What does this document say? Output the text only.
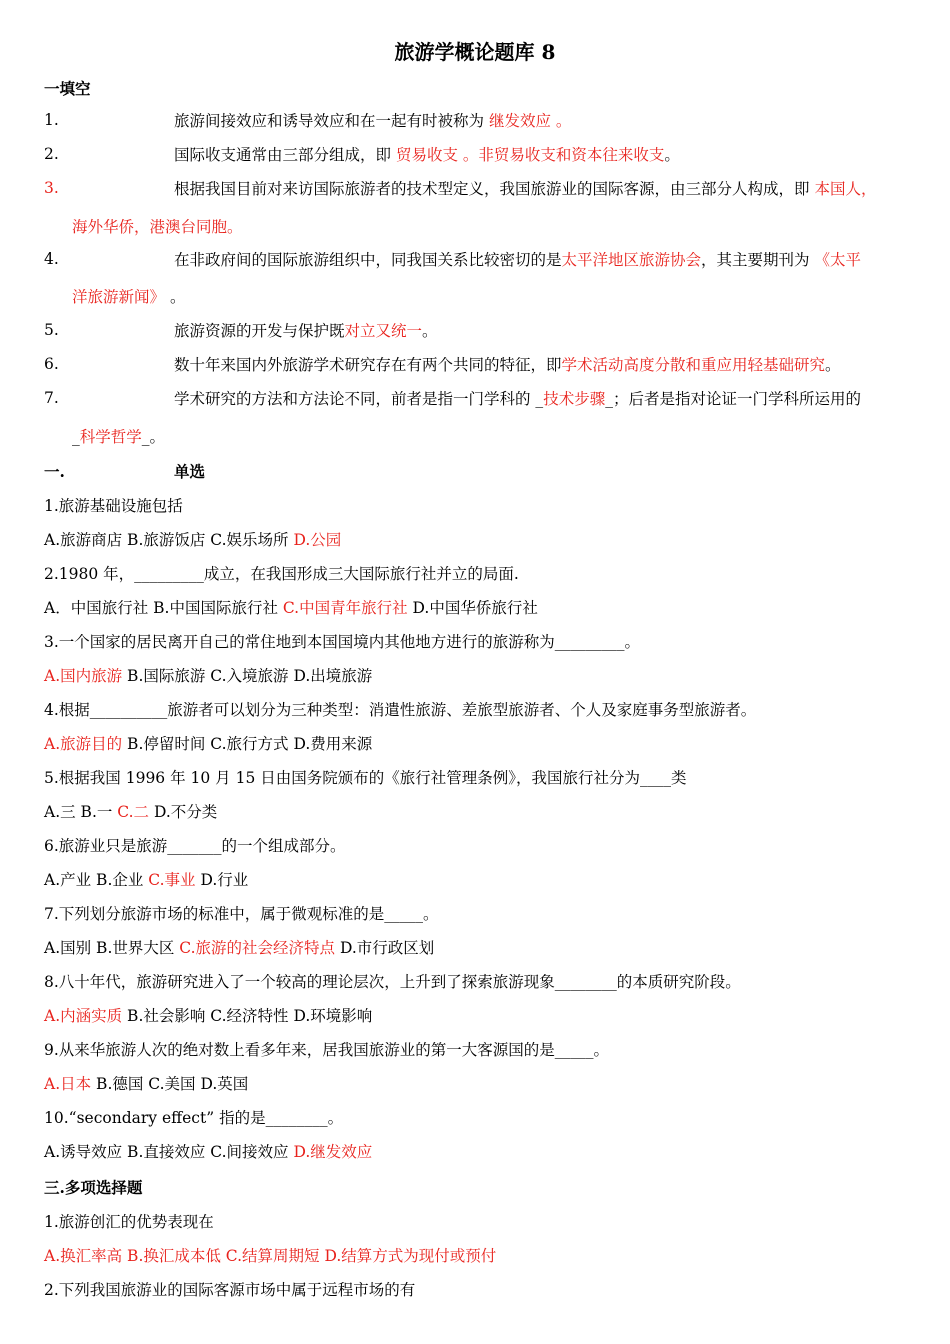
旅游学概论题库 8
一填空
1.	旅游间接效应和诱导效应和在一起有时被称为 继发效应 。
2.	国际收支通常由三部分组成，即 贸易收支 。非贸易收支和资本往来收支。
3.	根据我国目前对来访国际旅游者的技术型定义，我国旅游业的国际客源，由三部分人构成，即 本国人，
海外华侨，港澳台同胞。
4.	在非政府间的国际旅游组织中，同我国关系比较密切的是太平洋地区旅游协会，其主要期刊为 《太平
洋旅游新闻》 。
5.	旅游资源的开发与保护既对立又统一。
6.	数十年来国内外旅游学术研究存在有两个共同的特征，即学术活动高度分散和重应用轻基础研究。
7.	学术研究的方法和方法论不同，前者是指一门学科的 _技术步骤_；后者是指对论证一门学科所运用的
_科学哲学_。
一.	单选
1.旅游基础设施包括
A.旅游商店 B.旅游饭店 C.娱乐场所 D.公园
2.1980 年，_________成立，在我国形成三大国际旅行社并立的局面.
A．中国旅行社 B.中国国际旅行社 C.中国青年旅行社 D.中国华侨旅行社
3.一个国家的居民离开自己的常住地到本国国境内其他地方进行的旅游称为_________。
A.国内旅游 B.国际旅游 C.入境旅游 D.出境旅游
4.根据__________旅游者可以划分为三种类型：消遣性旅游、差旅型旅游者、个人及家庭事务型旅游者。
A.旅游目的 B.停留时间 C.旅行方式 D.费用来源
5.根据我国 1996 年 10 月 15 日由国务院颁布的《旅行社管理条例》，我国旅行社分为____类
A.三 B.一 C.二 D.不分类
6.旅游业只是旅游_______的一个组成部分。
A.产业 B.企业 C.事业 D.行业
7.下列划分旅游市场的标准中，属于微观标准的是_____。
A.国别 B.世界大区 C.旅游的社会经济特点 D.市行政区划
8.八十年代，旅游研究进入了一个较高的理论层次，上升到了探索旅游现象________的本质研究阶段。
A.内涵实质 B.社会影响 C.经济特性 D.环境影响
9.从来华旅游人次的绝对数上看多年来，居我国旅游业的第一大客源国的是_____。
A.日本 B.德国 C.美国 D.英国
10.“secondary effect” 指的是________。
A.诱导效应 B.直接效应 C.间接效应 D.继发效应
三.多项选择题
1.旅游创汇的优势表现在
A.换汇率高 B.换汇成本低 C.结算周期短 D.结算方式为现付或预付
2.下列我国旅游业的国际客源市场中属于远程市场的有
